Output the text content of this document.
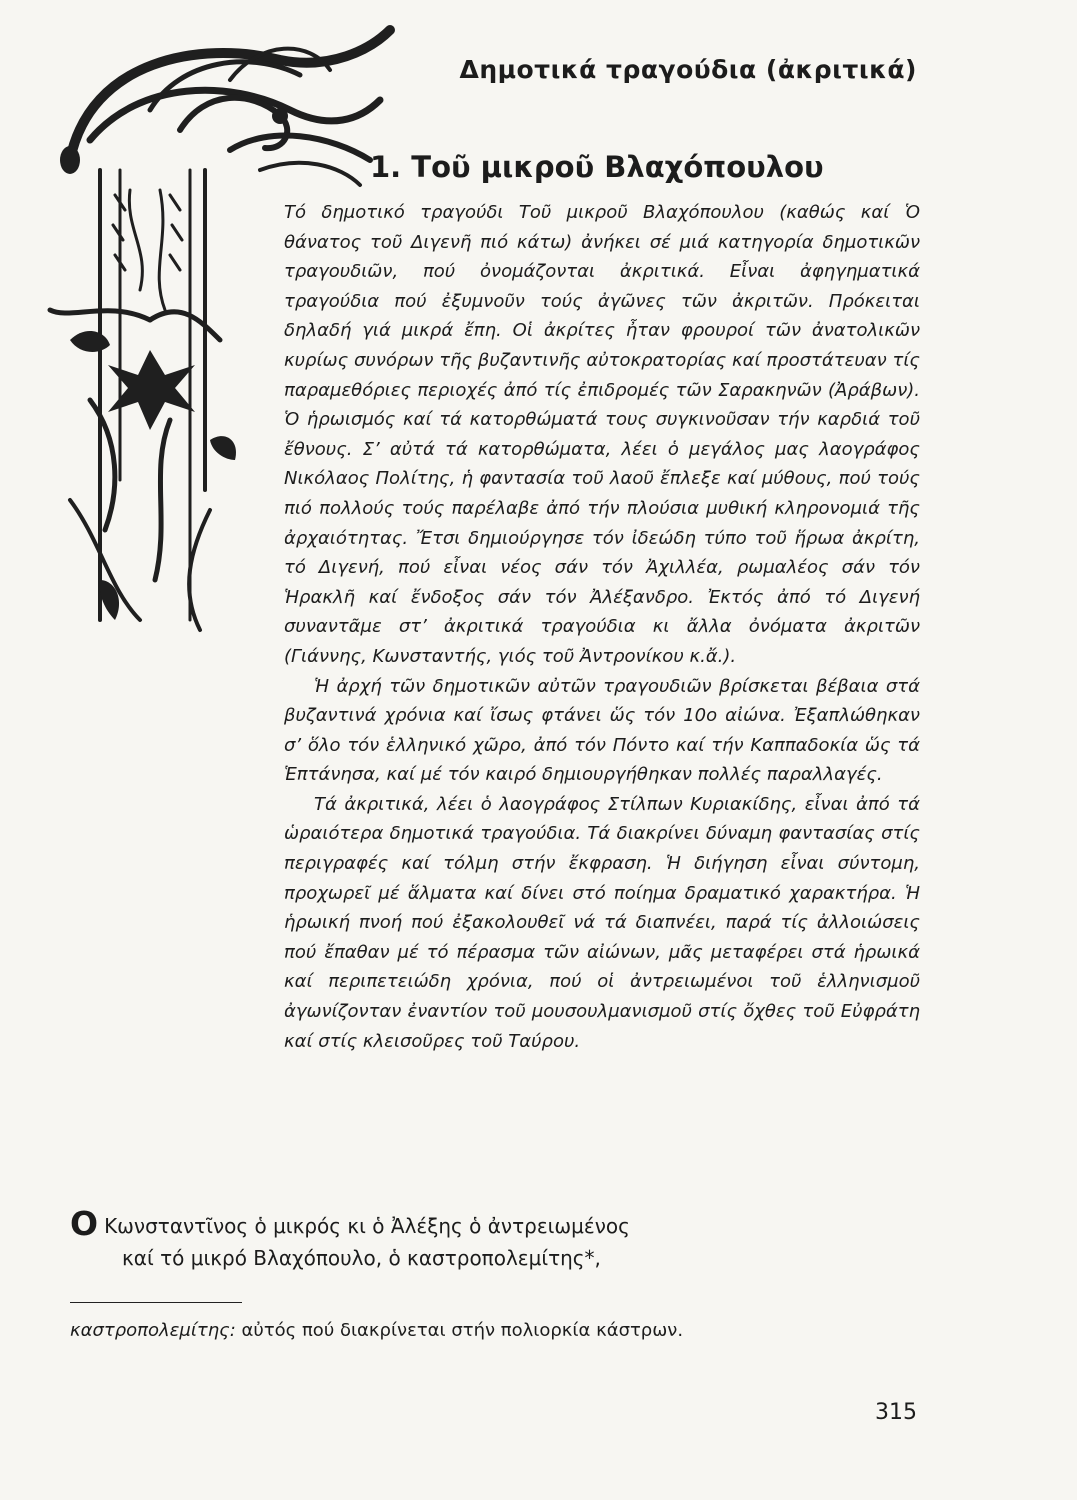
Δημοτικά τραγούδια (ἀκριτικά)
1. Τοῦ μικροῦ Βλαχόπουλου

Τό δημοτικό τραγούδι Τοῦ μικροῦ Βλαχόπουλου (καθώς καί Ὁ θάνατος τοῦ Διγενῆ πιό κάτω) ἀνήκει σέ μιά κατηγορία δημοτικῶν τραγουδιῶν, πού ὀνομάζονται ἀκριτικά. Εἶναι ἀφηγηματικά τραγούδια πού ἐξυμνοῦν τούς ἀγῶνες τῶν ἀκριτῶν. Πρόκειται δηλαδή γιά μικρά ἔπη. Οἱ ἀκρίτες ἦταν φρουροί τῶν ἀνατολικῶν κυρίως συνόρων τῆς βυζαντινῆς αὐτοκρατορίας καί προστάτευαν τίς παραμεθόριες περιοχές ἀπό τίς ἐπιδρομές τῶν Σαρακηνῶν (Ἀράβων). Ὁ ἡρωισμός καί τά κατορθώματά τους συγκινοῦσαν τήν καρδιά τοῦ ἔθνους. Σ’ αὐτά τά κατορθώματα, λέει ὁ μεγάλος μας λαογράφος Νικόλαος Πολίτης, ἡ φαντασία τοῦ λαοῦ ἔπλεξε καί μύθους, πού τούς πιό πολλούς τούς παρέλαβε ἀπό τήν πλούσια μυθική κληρονομιά τῆς ἀρχαιότητας. Ἔτσι δημιούργησε τόν ἰδεώδη τύπο τοῦ ἥρωα ἀκρίτη, τό Διγενή, πού εἶναι νέος σάν τόν Ἀχιλλέα, ρωμαλέος σάν τόν Ἡρακλῆ καί ἔνδοξος σάν τόν Ἀλέξανδρο. Ἐκτός ἀπό τό Διγενή συναντᾶμε στ’ ἀκριτικά τραγούδια κι ἄλλα ὀνόματα ἀκριτῶν (Γιάννης, Κωνσταντής, γιός τοῦ Ἀντρονίκου κ.ἄ.).

Ἡ ἀρχή τῶν δημοτικῶν αὐτῶν τραγουδιῶν βρίσκεται βέβαια στά βυζαντινά χρόνια καί ἴσως φτάνει ὥς τόν 10ο αἰώνα. Ἐξαπλώθηκαν σ’ ὅλο τόν ἑλληνικό χῶρο, ἀπό τόν Πόντο καί τήν Καππαδοκία ὥς τά Ἑπτάνησα, καί μέ τόν καιρό δημιουργήθηκαν πολλές παραλλαγές.

Τά ἀκριτικά, λέει ὁ λαογράφος Στίλπων Κυριακίδης, εἶναι ἀπό τά ὡραιότερα δημοτικά τραγούδια. Τά διακρίνει δύναμη φαντασίας στίς περιγραφές καί τόλμη στήν ἔκφραση. Ἡ διήγηση εἶναι σύντομη, προχωρεῖ μέ ἅλματα καί δίνει στό ποίημα δραματικό χαρακτήρα. Ἡ ἡρωική πνοή πού ἐξακολουθεῖ νά τά διαπνέει, παρά τίς ἀλλοιώσεις πού ἔπαθαν μέ τό πέρασμα τῶν αἰώνων, μᾶς μεταφέρει στά ἡρωικά καί περιπετειώδη χρόνια, πού οἱ ἀντρειωμένοι τοῦ ἑλληνισμοῦ ἀγωνίζονταν ἐναντίον τοῦ μουσουλμανισμοῦ στίς ὄχθες τοῦ Εὐφράτη καί στίς κλεισοῦρες τοῦ Ταύρου.

Ο Κωνσταντῖνος ὁ μικρός κι ὁ Ἀλέξης ὁ ἀντρειωμένος
καί τό μικρό Βλαχόπουλο, ὁ καστροπολεμίτης*,
καστροπολεμίτης: αὐτός πού διακρίνεται στήν πολιορκία κάστρων.
315
